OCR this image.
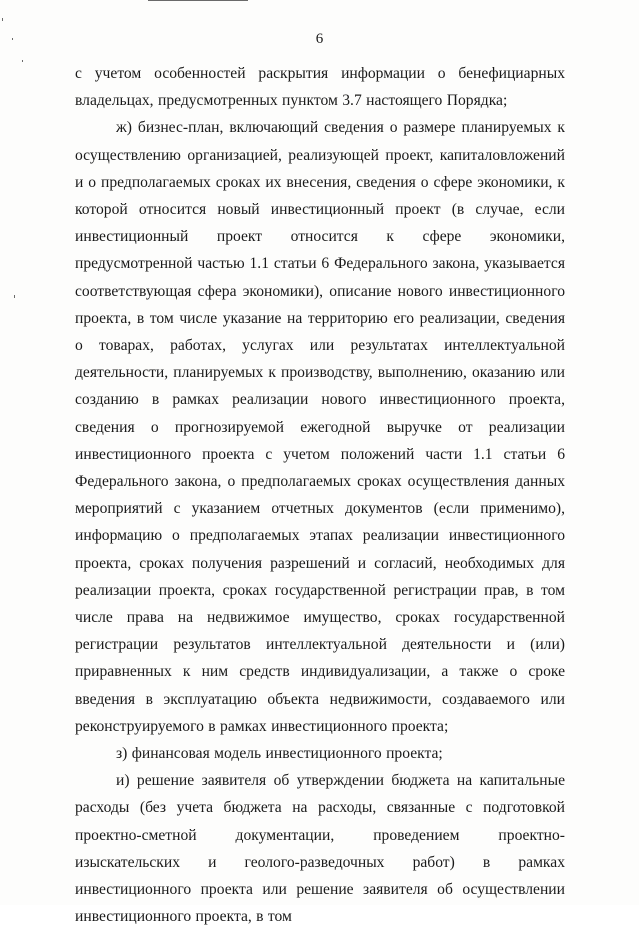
6

с учетом особенностей раскрытия информации о бенефициарных владельцах, предусмотренных пунктом 3.7 настоящего Порядка;

ж) бизнес-план, включающий сведения о размере планируемых к осуществлению организацией, реализующей проект, капиталовложений и о предполагаемых сроках их внесения, сведения о сфере экономики, к которой относится новый инвестиционный проект (в случае, если инвестиционный проект относится к сфере экономики, предусмотренной частью 1.1 статьи 6 Федерального закона, указывается соответствующая сфера экономики), описание нового инвестиционного проекта, в том числе указание на территорию его реализации, сведения о товарах, работах, услугах или результатах интеллектуальной деятельности, планируемых к производству, выполнению, оказанию или созданию в рамках реализации нового инвестиционного проекта, сведения о прогнозируемой ежегодной выручке от реализации инвестиционного проекта с учетом положений части 1.1 статьи 6 Федерального закона, о предполагаемых сроках осуществления данных мероприятий с указанием отчетных документов (если применимо), информацию о предполагаемых этапах реализации инвестиционного проекта, сроках получения разрешений и согласий, необходимых для реализации проекта, сроках государственной регистрации прав, в том числе права на недвижимое имущество, сроках государственной регистрации результатов интеллектуальной деятельности и (или) приравненных к ним средств индивидуализации, а также о сроке введения в эксплуатацию объекта недвижимости, создаваемого или реконструируемого в рамках инвестиционного проекта;

з) финансовая модель инвестиционного проекта;

и) решение заявителя об утверждении бюджета на капитальные расходы (без учета бюджета на расходы, связанные с подготовкой проектно-сметной документации, проведением проектно-изыскательских и геолого-разведочных работ) в рамках инвестиционного проекта или решение заявителя об осуществлении инвестиционного проекта, в том
